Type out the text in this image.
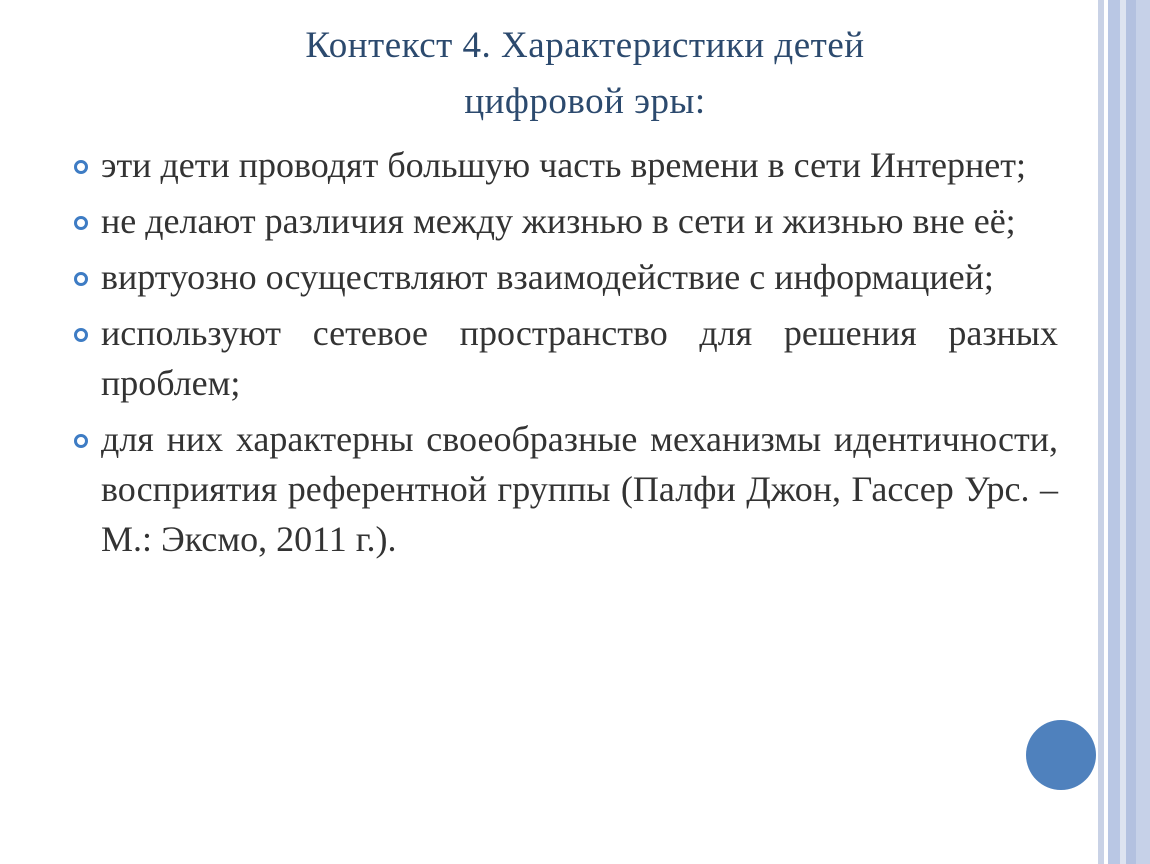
Контекст 4. Характеристики детей
цифровой эры:
эти дети проводят большую часть времени в сети Интернет;
не делают различия между жизнью в сети и жизнью вне её;
виртуозно осуществляют взаимодействие с информацией;
используют сетевое пространство для решения разных проблем;
для них характерны своеобразные механизмы идентичности, восприятия референтной группы (Палфи Джон, Гассер Урс. – М.: Эксмо, 2011 г.).
